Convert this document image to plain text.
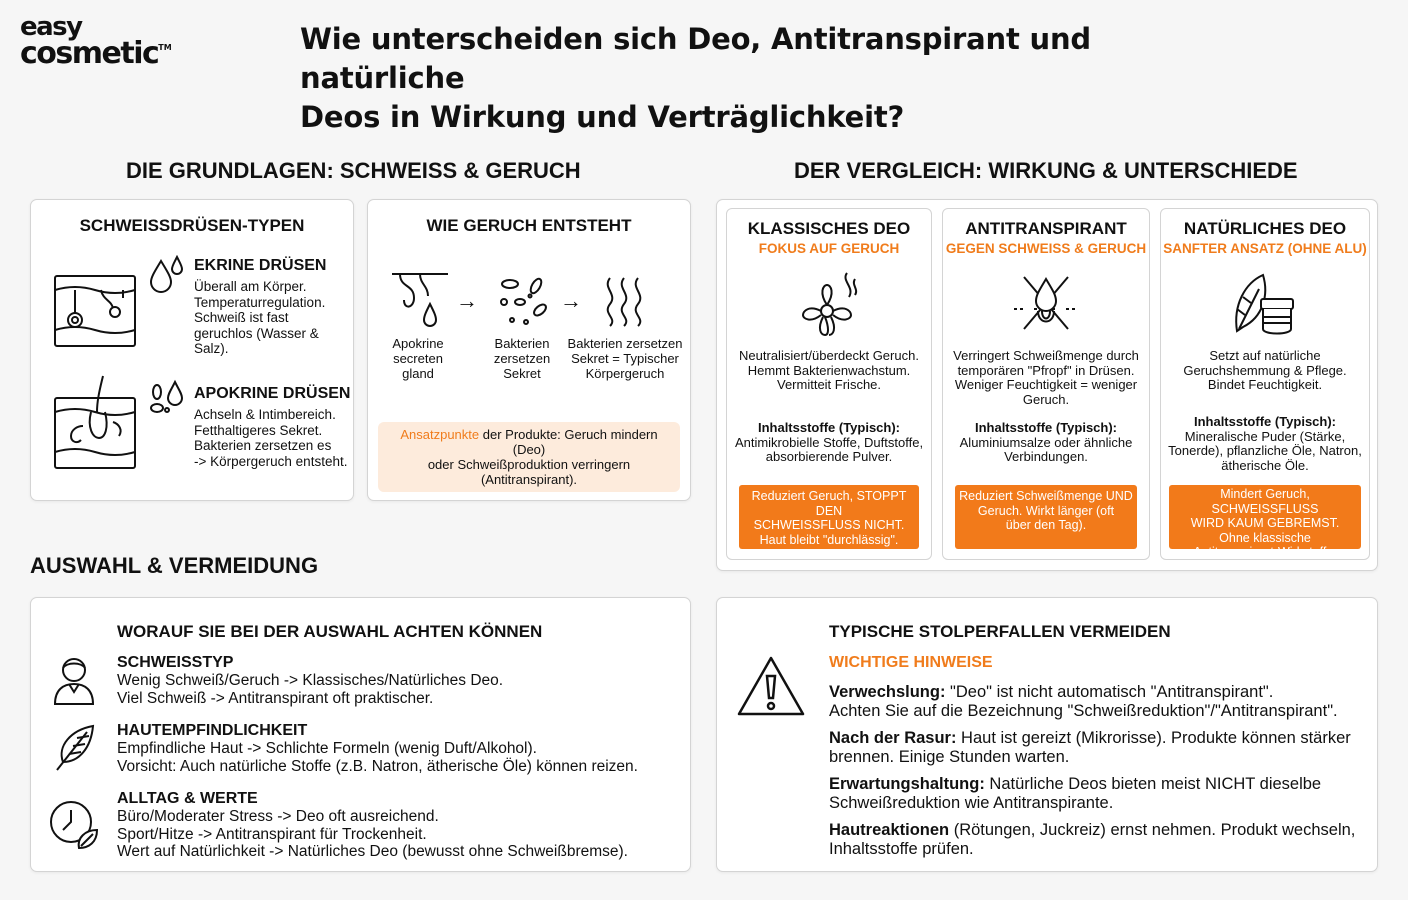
easy
cosmetic™	Wie unterscheiden sich Deo, Antitranspirant und natürliche
Deos in Wirkung und Verträglichkeit?
DIE GRUNDLAGEN: SCHWEISS & GERUCH	DER VERGLEICH: WIRKUNG & UNTERSCHIEDE
AUSWAHL & VERMEIDUNG
SCHWEISSDRÜSEN-TYPEN
EKRINE DRÜSEN
Überall am Körper.
Temperaturregulation.
Schweiß ist fast
geruchlos (Wasser &
Salz).
APOKRINE DRÜSEN
Achseln & Intimbereich.
Fetthaltigeres Sekret.
Bakterien zersetzen es
-> Körpergeruch entsteht.
WIE GERUCH ENTSTEHT
→	→
Apokrine
secreten
gland
Bakterien
zersetzen
Sekret
Bakterien zersetzen
Sekret = Typischer
Körpergeruch
Ansatzpunkte der Produkte: Geruch mindern (Deo)
oder Schweißproduktion verringern (Antitranspirant).
KLASSISCHES DEO
FOKUS AUF GERUCH
Neutralisiert/überdeckt Geruch.
Hemmt Bakterienwachstum.
Vermitteit Frische.
Inhaltsstoffe (Typisch):
Antimikrobielle Stoffe, Duftstoffe,
absorbierende Pulver.
Reduziert Geruch, STOPPT DEN
SCHWEISSFLUSS NICHT.
Haut bleibt "durchlässig".
ANTITRANSPIRANT
GEGEN SCHWEISS & GERUCH
Verringert Schweißmenge durch
temporären "Pfropf" in Drüsen.
Weniger Feuchtigkeit = weniger
Geruch.
Inhaltsstoffe (Typisch):
Aluminiumsalze oder ähnliche
Verbindungen.
Reduziert Schweißmenge UND
Geruch. Wirkt länger (oft
über den Tag).
NATÜRLICHES DEO
SANFTER ANSATZ (OHNE ALU)
Setzt auf natürliche
Geruchshemmung & Pflege.
Bindet Feuchtigkeit.
Inhaltsstoffe (Typisch):
Mineralische Puder (Stärke,
Tonerde), pflanzliche Öle, Natron,
ätherische Öle.
Mindert Geruch, SCHWEISSFLUSS
WIRD KAUM GEBREMST.
Ohne klassische
Antitranspirant-Wirkstoffe.
WORAUF SIE BEI DER AUSWAHL ACHTEN KÖNNEN
SCHWEISSTYP
Wenig Schweiß/Geruch -> Klassisches/Natürliches Deo.
Viel Schweiß -> Antitranspirant oft praktischer.
HAUTEMPFINDLICHKEIT
Empfindliche Haut -> Schlichte Formeln (wenig Duft/Alkohol).
Vorsicht: Auch natürliche Stoffe (z.B. Natron, ätherische Öle) können reizen.
ALLTAG & WERTE
Büro/Moderater Stress -> Deo oft ausreichend.
Sport/Hitze -> Antitranspirant für Trockenheit.
Wert auf Natürlichkeit -> Natürliches Deo (bewusst ohne Schweißbremse).
TYPISCHE STOLPERFALLEN VERMEIDEN
WICHTIGE HINWEISE
Verwechslung: "Deo" ist nicht automatisch "Antitranspirant".
Achten Sie auf die Bezeichnung "Schweißreduktion"/"Antitranspirant".
Nach der Rasur: Haut ist gereizt (Mikrorisse). Produkte können stärker
brennen. Einige Stunden warten.
Erwartungshaltung: Natürliche Deos bieten meist NICHT dieselbe
Schweißreduktion wie Antitranspirante.
Hautreaktionen (Rötungen, Juckreiz) ernst nehmen. Produkt wechseln,
Inhaltsstoffe prüfen.
